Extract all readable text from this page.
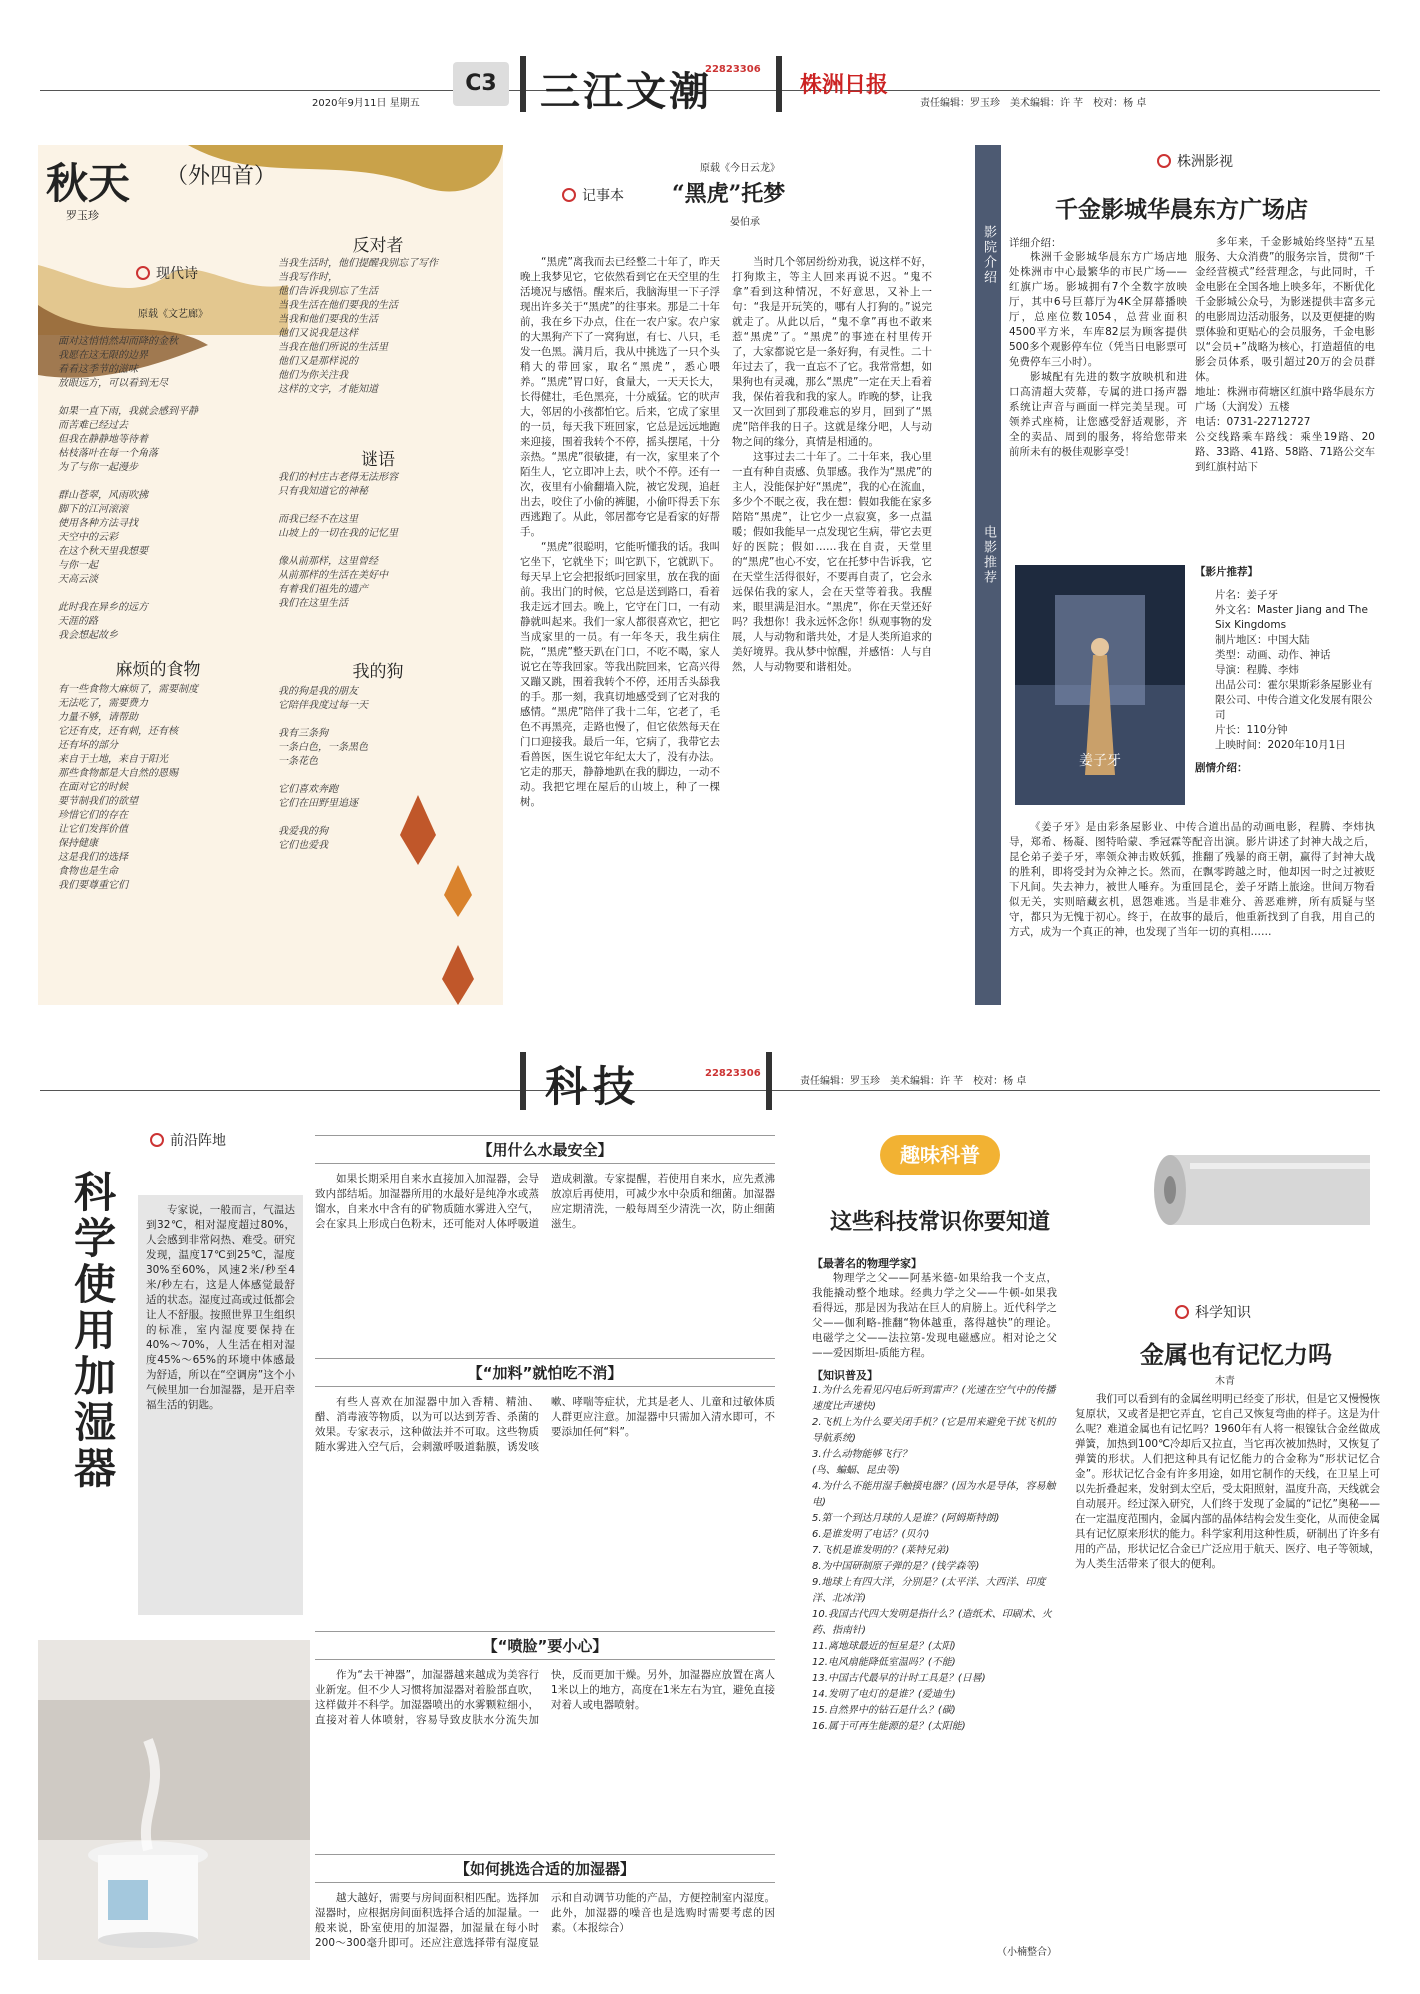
2020年9月11日 星期五
C3	三江文潮
22823306
株洲日报
责任编辑：罗玉珍　美术编辑：许 芊　校对：杨 卓
秋天 （外四首）
罗玉珍
现代诗
原载《文艺廊》
面对这悄悄然却而降的金秋
我愿在这无限的边界
看看这季节的滋味
放眼远方，可以看到无尽

如果一直下雨，我就会感到平静
而苦难已经过去
但我在静静地等待着
枯枝落叶在每一个角落
为了与你一起漫步

群山苍翠，风雨吹拂
脚下的江河滚滚
使用各种方法寻找
天空中的云彩
在这个秋天里我想要
与你一起
天高云淡

此时我在异乡的远方
天涯的路
我会想起故乡
反对者
当我生活时，他们提醒我别忘了写作
当我写作时，
他们告诉我别忘了生活
当我生活在他们要我的生活
当我和他们要我的生活
他们又说我是这样
当我在他们所说的生活里
他们又是那样说的
他们为你关注我
这样的文字，才能知道
谜语
我们的村庄古老得无法形容
只有我知道它的神秘

而我已经不在这里
山坡上的一切在我的记忆里

像从前那样，这里曾经
从前那样的生活在美好中
有着我们祖先的遗产
我们在这里生活
麻烦的食物
有一些食物大麻烦了，需要制度
无法吃了，需要费力
力量不够，请帮助
它还有皮，还有刺，还有核
还有坏的部分
来自于土地，来自于阳光
那些食物都是大自然的恩赐
在面对它的时候
要节制我们的欲望
珍惜它们的存在
让它们发挥价值
保持健康
这是我们的选择
食物也是生命
我们要尊重它们
我的狗
我的狗是我的朋友
它陪伴我度过每一天

我有三条狗
一条白色，一条黑色
一条花色

它们喜欢奔跑
它们在田野里追逐

我爱我的狗
它们也爱我
记事本
原载《今日云龙》
“黑虎”托梦
晏伯承

“黑虎”离我而去已经整二十年了，昨天晚上我梦见它，它依然看到它在天空里的生活境况与感悟。醒来后，我脑海里一下子浮现出许多关于“黑虎”的往事来。那是二十年前，我在乡下办点，住在一农户家。农户家的大黑狗产下了一窝狗崽，有七、八只，毛发一色黑。满月后，我从中挑选了一只个头稍大的带回家，取名“黑虎”，悉心喂养。“黑虎”胃口好，食量大，一天天长大，长得健壮，毛色黑亮，十分威猛。它的吠声大，邻居的小孩都怕它。后来，它成了家里的一员，每天我下班回家，它总是远远地跑来迎接，围着我转个不停，摇头摆尾，十分亲热。“黑虎”很敏捷，有一次，家里来了个陌生人，它立即冲上去，吠个不停。还有一次，夜里有小偷翻墙入院，被它发现，追赶出去，咬住了小偷的裤腿，小偷吓得丢下东西逃跑了。从此，邻居都夸它是看家的好帮手。

“黑虎”很聪明，它能听懂我的话。我叫它坐下，它就坐下；叫它趴下，它就趴下。每天早上它会把报纸叼回家里，放在我的面前。我出门的时候，它总是送到路口，看着我走远才回去。晚上，它守在门口，一有动静就叫起来。我们一家人都很喜欢它，把它当成家里的一员。有一年冬天，我生病住院，“黑虎”整天趴在门口，不吃不喝，家人说它在等我回家。等我出院回来，它高兴得又蹦又跳，围着我转个不停，还用舌头舔我的手。那一刻，我真切地感受到了它对我的感情。“黑虎”陪伴了我十二年，它老了，毛色不再黑亮，走路也慢了，但它依然每天在门口迎接我。最后一年，它病了，我带它去看兽医，医生说它年纪太大了，没有办法。它走的那天，静静地趴在我的脚边，一动不动。我把它埋在屋后的山坡上，种了一棵树。

当时几个邻居纷纷劝我，说这样不好，打狗欺主，等主人回来再说不迟。“鬼不拿”看到这种情况，不好意思，又补上一句：“我是开玩笑的，哪有人打狗的。”说完就走了。从此以后，“鬼不拿”再也不敢来惹“黑虎”了。“黑虎”的事迹在村里传开了，大家都说它是一条好狗，有灵性。二十年过去了，我一直忘不了它。我常常想，如果狗也有灵魂，那么“黑虎”一定在天上看着我，保佑着我和我的家人。昨晚的梦，让我又一次回到了那段难忘的岁月，回到了“黑虎”陪伴我的日子。这就是缘分吧，人与动物之间的缘分，真情是相通的。

这事过去二十年了。二十年来，我心里一直有种自责感、负罪感。我作为“黑虎”的主人，没能保护好“黑虎”，我的心在流血，多少个不眠之夜，我在想：假如我能在家多陪陪“黑虎”，让它少一点寂寞，多一点温暖；假如我能早一点发现它生病，带它去更好的医院；假如……我在自责，天堂里的“黑虎”也心不安，它在托梦中告诉我，它在天堂生活得很好，不要再自责了，它会永远保佑我的家人，会在天堂等着我。我醒来，眼里满是泪水。“黑虎”，你在天堂还好吗？我想你！我永远怀念你！纵观事物的发展，人与动物和谐共处，才是人类所追求的美好境界。我从梦中惊醒，并感悟：人与自然，人与动物要和谐相处。

影院介绍
电影推荐
株洲影视
千金影城华晨东方广场店
详细介绍：

株洲千金影城华晨东方广场店地处株洲市中心最繁华的市民广场——红旗广场。影城拥有7个全数字放映厅，其中6号巨幕厅为4K全屏幕播映厅，总座位数1054，总营业面积4500平方米，车库82层为顾客提供500多个观影停车位（凭当日电影票可免费停车三小时）。

影城配有先进的数字放映机和进口高清超大荧幕，专属的进口扬声器系统让声音与画面一样完美呈现。可领养式座椅，让您感受舒适观影，齐全的卖品、周到的服务，将给您带来前所未有的极佳观影享受！

多年来，千金影城始终坚持“五星服务、大众消费”的服务宗旨，贯彻“千金经营模式”经营理念，与此同时，千金电影在全国各地上映多年，不断优化千金影城公众号，为影迷提供丰富多元的电影周边活动服务，以及更便捷的购票体验和更贴心的会员服务，千金电影以“会员+”战略为核心，打造超值的电影会员体系，吸引超过20万的会员群体。

地址：株洲市荷塘区红旗中路华晨东方广场（大润发）五楼

电话：0731-22712727

公交线路乘车路线：乘坐19路、20路、33路、41路、58路、71路公交车到红旗村站下

姜子牙
【影片推荐】
片名：姜子牙
外文名：Master Jiang and The Six Kingdoms
制片地区：中国大陆
类型：动画、动作、神话
导演：程腾、李炜
出品公司：霍尔果斯彩条屋影业有限公司、中传合道文化发展有限公司
片长：110分钟
上映时间：2020年10月1日
剧情介绍：

《姜子牙》是由彩条屋影业、中传合道出品的动画电影，程腾、李炜执导，郑希、杨凝、图特哈蒙、季冠霖等配音出演。影片讲述了封神大战之后，昆仑弟子姜子牙，率领众神击败妖狐，推翻了残暴的商王朝，赢得了封神大战的胜利，即将受封为众神之长。然而，在飘零跨越之时，他却因一时之过被贬下凡间。失去神力，被世人唾弃。为重回昆仑，姜子牙踏上旅途。世间万物看似无关，实则暗藏玄机，恩怨难逃。当是非难分、善恶难辨，所有质疑与坚守，都只为无愧于初心。终于，在故事的最后，他重新找到了自我，用自己的方式，成为一个真正的神，也发现了当年一切的真相……

科技	22823306
责任编辑：罗玉珍　美术编辑：许 芊　校对：杨 卓
前沿阵地
科学使用加湿器	专家说，一般而言，气温达到32℃，相对湿度超过80%，人会感到非常闷热、难受。研究发现，温度17℃到25℃，湿度30%至60%，风速2米/秒至4米/秒左右，这是人体感觉最舒适的状态。湿度过高或过低都会让人不舒服。按照世界卫生组织的标准，室内湿度要保持在40%～70%，人生活在相对湿度45%～65%的环境中体感最为舒适，所以在“空调房”这个小气候里加一台加湿器，是开启幸福生活的钥匙。

【用什么水最安全】

如果长期采用自来水直接加入加湿器，会导致内部结垢。加湿器所用的水最好是纯净水或蒸馏水，自来水中含有的矿物质随水雾进入空气，会在家具上形成白色粉末，还可能对人体呼吸道造成刺激。专家提醒，若使用自来水，应先煮沸放凉后再使用，可减少水中杂质和细菌。加湿器应定期清洗，一般每周至少清洗一次，防止细菌滋生。

【“加料”就怕吃不消】

有些人喜欢在加湿器中加入香精、精油、醋、消毒液等物质，以为可以达到芳香、杀菌的效果。专家表示，这种做法并不可取。这些物质随水雾进入空气后，会刺激呼吸道黏膜，诱发咳嗽、哮喘等症状，尤其是老人、儿童和过敏体质人群更应注意。加湿器中只需加入清水即可，不要添加任何“料”。

【“喷脸”要小心】

作为“去干神器”，加湿器越来越成为美容行业新宠。但不少人习惯将加湿器对着脸部直吹，这样做并不科学。加湿器喷出的水雾颗粒细小，直接对着人体喷射，容易导致皮肤水分流失加快，反而更加干燥。另外，加湿器应放置在离人1米以上的地方，高度在1米左右为宜，避免直接对着人或电器喷射。

【如何挑选合适的加湿器】

越大越好，需要与房间面积相匹配。选择加湿器时，应根据房间面积选择合适的加湿量。一般来说，卧室使用的加湿器，加湿量在每小时200～300毫升即可。还应注意选择带有湿度显示和自动调节功能的产品，方便控制室内湿度。此外，加湿器的噪音也是选购时需要考虑的因素。（本报综合）

趣味科普
这些科技常识你要知道
【最著名的物理学家】

物理学之父——阿基米德-如果给我一个支点，我能撬动整个地球。经典力学之父——牛顿-如果我看得远，那是因为我站在巨人的肩膀上。近代科学之父——伽利略-推翻“物体越重，落得越快”的理论。电磁学之父——法拉第-发现电磁感应。相对论之父——爱因斯坦-质能方程。

【知识普及】
1.为什么先看见闪电后听到雷声？(光速在空气中的传播速度比声速快)
2.飞机上为什么要关闭手机？(它是用来避免干扰飞机的导航系统)
3.什么动物能够飞行？
(鸟、蝙蝠、昆虫等)
4.为什么不能用湿手触摸电器？(因为水是导体，容易触电)
5.第一个到达月球的人是谁？(阿姆斯特朗)
6.是谁发明了电话？(贝尔)
7.飞机是谁发明的？(莱特兄弟)
8.为中国研制原子弹的是？(钱学森等)
9.地球上有四大洋，分别是？(太平洋、大西洋、印度洋、北冰洋)
10.我国古代四大发明是指什么？(造纸术、印刷术、火药、指南针)
11.离地球最近的恒星是？(太阳)
12.电风扇能降低室温吗？(不能)
13.中国古代最早的计时工具是？(日晷)
14.发明了电灯的是谁？(爱迪生)
15.自然界中的钻石是什么？(碳)
16.属于可再生能源的是？(太阳能)
（小楠整合）
科学知识
金属也有记忆力吗
木青

我们可以看到有的金属丝明明已经变了形状，但是它又慢慢恢复原状，又或者是把它弄直，它自己又恢复弯曲的样子。这是为什么呢？难道金属也有记忆吗？1960年有人将一根镍钛合金丝做成弹簧，加热到100℃冷却后又拉直，当它再次被加热时，又恢复了弹簧的形状。人们把这种具有记忆能力的合金称为“形状记忆合金”。形状记忆合金有许多用途，如用它制作的天线，在卫星上可以先折叠起来，发射到太空后，受太阳照射，温度升高，天线就会自动展开。经过深入研究，人们终于发现了金属的“记忆”奥秘——在一定温度范围内，金属内部的晶体结构会发生变化，从而使金属具有记忆原来形状的能力。科学家利用这种性质，研制出了许多有用的产品，形状记忆合金已广泛应用于航天、医疗、电子等领域，为人类生活带来了很大的便利。
